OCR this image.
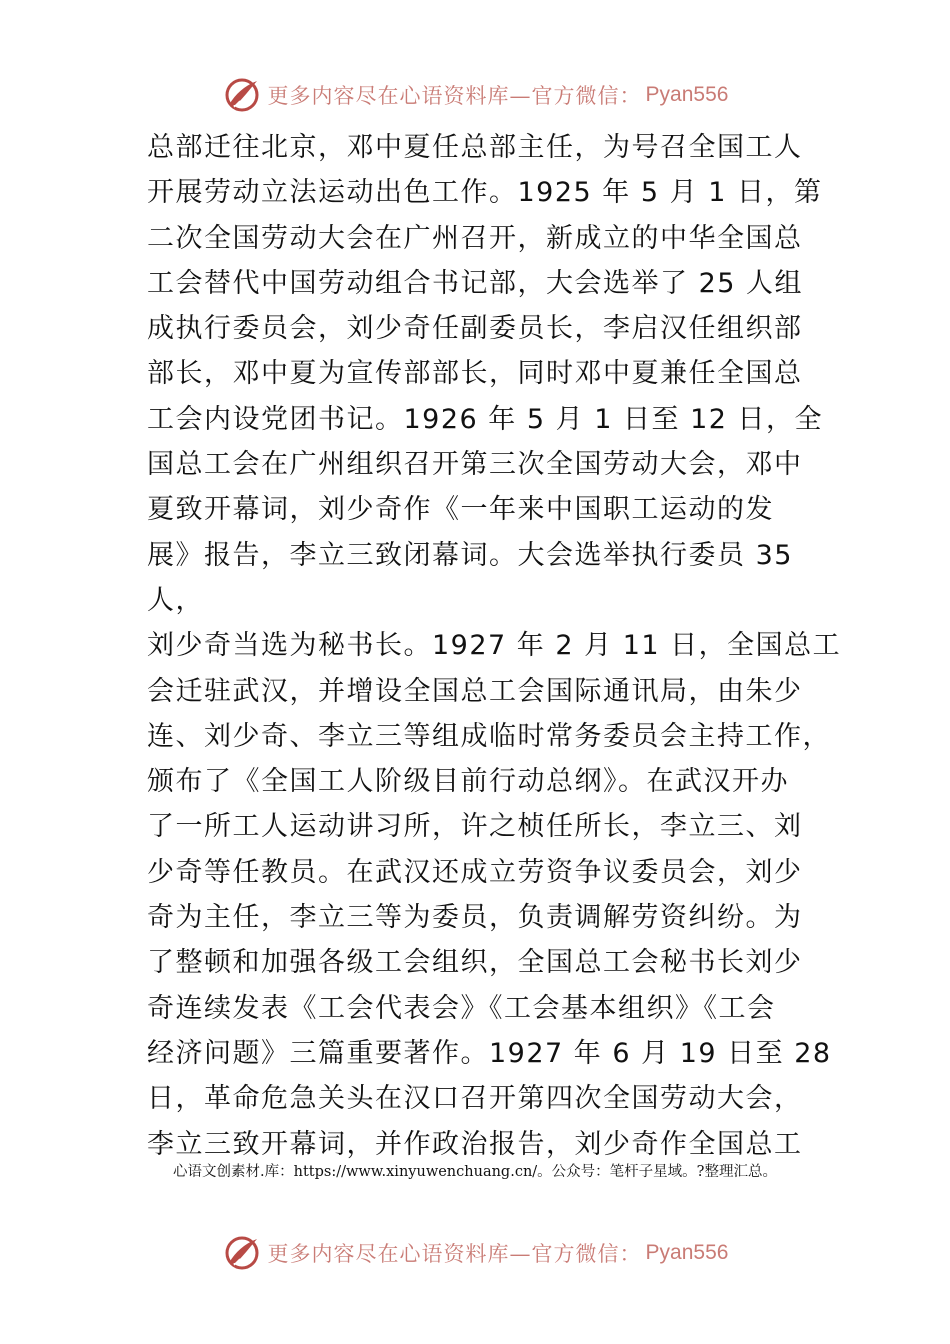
更多内容尽在心语资料库—官方微信： Pyan556
总部迁往北京，邓中夏任总部主任，为号召全国工人
开展劳动立法运动出色工作。1925 年 5 月 1 日，第
二次全国劳动大会在广州召开，新成立的中华全国总
工会替代中国劳动组合书记部，大会选举了 25 人组
成执行委员会，刘少奇任副委员长，李启汉任组织部
部长，邓中夏为宣传部部长，同时邓中夏兼任全国总
工会内设党团书记。1926 年 5 月 1 日至 12 日，全
国总工会在广州组织召开第三次全国劳动大会，邓中
夏致开幕词，刘少奇作《一年来中国职工运动的发
展》报告，李立三致闭幕词。大会选举执行委员 35
人，
刘少奇当选为秘书长。1927 年 2 月 11 日，全国总工
会迁驻武汉，并增设全国总工会国际通讯局，由朱少
连、刘少奇、李立三等组成临时常务委员会主持工作，
颁布了《全国工人阶级目前行动总纲》。在武汉开办
了一所工人运动讲习所，许之桢任所长，李立三、刘
少奇等任教员。在武汉还成立劳资争议委员会，刘少
奇为主任，李立三等为委员，负责调解劳资纠纷。为
了整顿和加强各级工会组织，全国总工会秘书长刘少
奇连续发表《工会代表会》《工会基本组织》《工会
经济问题》三篇重要著作。1927 年 6 月 19 日至 28
日，革命危急关头在汉口召开第四次全国劳动大会，
李立三致开幕词，并作政治报告，刘少奇作全国总工
心语文创素材.库：https://www.xinyuwenchuang.cn/。公众号：笔杆子星域。?整理汇总。
更多内容尽在心语资料库—官方微信： Pyan556
